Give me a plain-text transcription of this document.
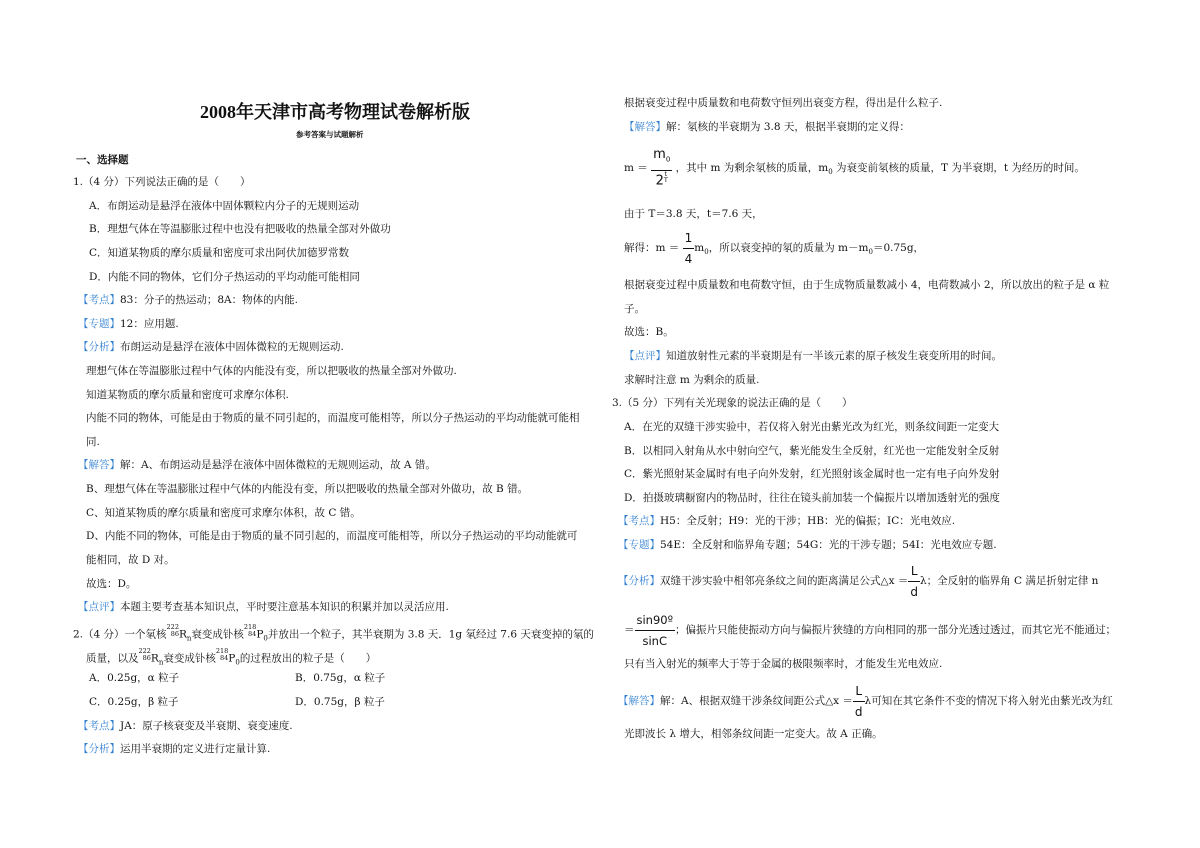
2008年天津市高考物理试卷解析版
参考答案与试题解析
一、选择题
1.（4 分）下列说法正确的是（　　）
A．布朗运动是悬浮在液体中固体颗粒内分子的无规则运动
B．理想气体在等温膨胀过程中也没有把吸收的热量全部对外做功
C．知道某物质的摩尔质量和密度可求出阿伏加德罗常数
D．内能不同的物体，它们分子热运动的平均动能可能相同
【考点】83：分子的热运动；8A：物体的内能.
【专题】12：应用题.
【分析】布朗运动是悬浮在液体中固体微粒的无规则运动.
理想气体在等温膨胀过程中气体的内能没有变，所以把吸收的热量全部对外做功.
知道某物质的摩尔质量和密度可求摩尔体积.
内能不同的物体，可能是由于物质的量不同引起的，而温度可能相等，所以分子热运动的平均动能就可能相
同.
【解答】解：A、布朗运动是悬浮在液体中固体微粒的无规则运动，故 A 错。
B、理想气体在等温膨胀过程中气体的内能没有变，所以把吸收的热量全部对外做功，故 B 错。
C、知道某物质的摩尔质量和密度可求摩尔体积，故 C 错。
D、内能不同的物体，可能是由于物质的量不同引起的，而温度可能相等，所以分子热运动的平均动能就可
能相同，故 D 对。
故选：D。
【点评】本题主要考查基本知识点，平时要注意基本知识的积累并加以灵活应用.
2.（4 分）一个氡核222
$86R_n$衰变成钋核218
$84P_0$并放出一个粒子，其半衰期为 3.8 天．1g 氡经过 7.6 天衰变掉的氡的
质量，以及222
$86R_n$衰变成钋核218
$84P_0$的过程放出的粒子是（　　）
A．0.25g，α 粒子	B．0.75g，α 粒子
C．0.25g，β 粒子	D．0.75g，β 粒子
【考点】JA：原子核衰变及半衰期、衰变速度.
【分析】运用半衰期的定义进行定量计算.
根据衰变过程中质量数和电荷数守恒列出衰变方程，得出是什么粒子.
【解答】解：氡核的半衰期为 3.8 天，根据半衰期的定义得：
m ＝
$m_0$
2t
T
，其中 m 为剩余氡核的质量，$m_0$ 为衰变前氡核的质量，T 为半衰期，t 为经历的时间。
由于 T＝3.8 天，t＝7.6 天，
解得：$m = \frac{1}{4} m_0$，所以衰变掉的氡的质量为 $m-m_0=0.75g$，
根据衰变过程中质量数和电荷数守恒，由于生成物质量数减小 4，电荷数减小 2，所以放出的粒子是 α 粒
子。
故选：B。
【点评】知道放射性元素的半衰期是有一半该元素的原子核发生衰变所用的时间。
求解时注意 m 为剩余的质量.
3.（5 分）下列有关光现象的说法正确的是（　　）
A．在光的双缝干涉实验中，若仅将入射光由紫光改为红光，则条纹间距一定变大
B．以相同入射角从水中射向空气，紫光能发生全反射，红光也一定能发射全反射
C．紫光照射某金属时有电子向外发射，红光照射该金属时也一定有电子向外发射
D．拍摄玻璃橱窗内的物品时，往往在镜头前加装一个偏振片以增加透射光的强度
【考点】H5：全反射；H9：光的干涉；HB：光的偏振；IC：光电效应.
【专题】54E：全反射和临界角专题；54G：光的干涉专题；54I：光电效应专题.
【分析】双缝干涉实验中相邻亮条纹之间的距离满足公式△x ＝ $\frac{L}{d}$ λ；全反射的临界角 C 满足折射定律 n
＝ $\frac{\text{sin90º}}{\sin C}$ ；偏振片只能使振动方向与偏振片狭缝的方向相同的那一部分光透过透过，而其它光不能通过；
只有当入射光的频率大于等于金属的极限频率时，才能发生光电效应.
【解答】解：A、根据双缝干涉条纹间距公式△x ＝ $\frac{L}{d}$ λ可知在其它条件不变的情况下将入射光由紫光改为红
光即波长 λ 增大，相邻条纹间距一定变大。故 A 正确。
